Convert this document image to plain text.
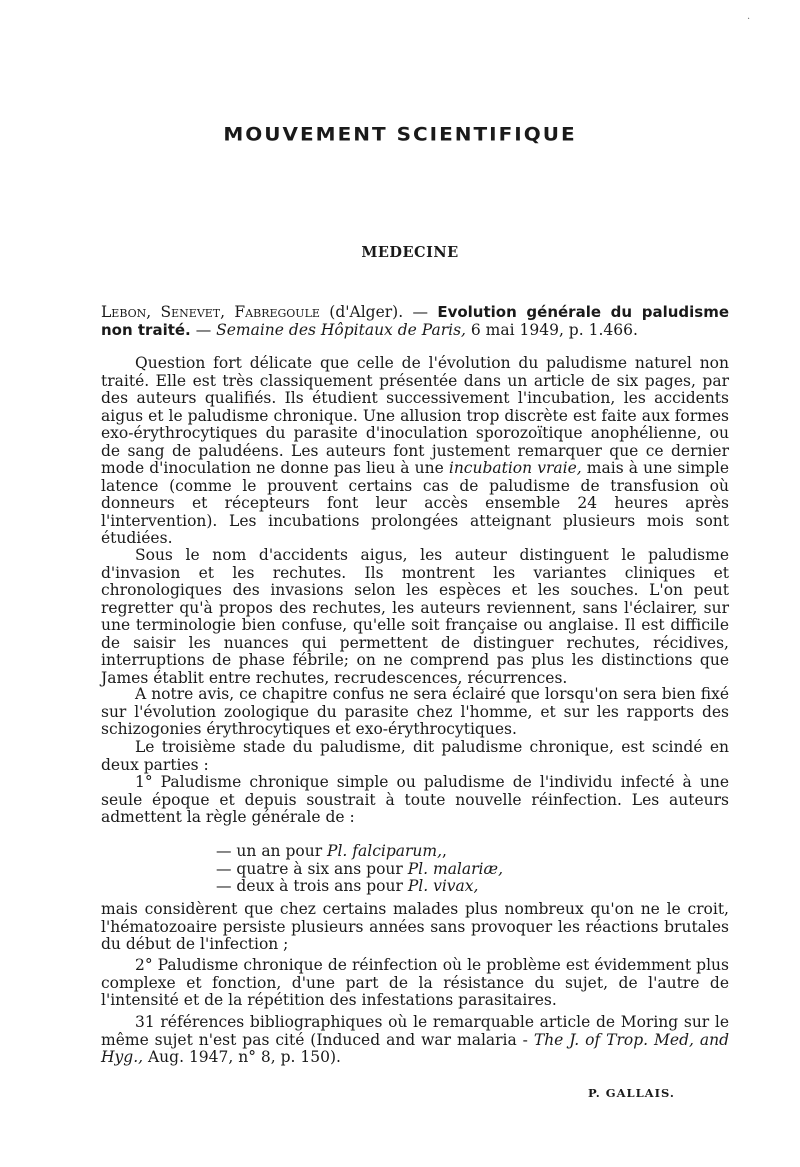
·
MOUVEMENT SCIENTIFIQUE
MEDECINE
Lebon, Senevet, Fabregoule (d'Alger). — Evolution générale du paludisme non traité. — Semaine des Hôpitaux de Paris, 6 mai 1949, p. 1.466.
Question fort délicate que celle de l'évolution du paludisme naturel non traité. Elle est très classiquement présentée dans un article de six pages, par des auteurs qualifiés. Ils étudient successivement l'incubation, les accidents aigus et le paludisme chronique. Une allusion trop discrète est faite aux formes exo-érythrocytiques du parasite d'inoculation sporozoïtique anophélienne, ou de sang de paludéens. Les auteurs font justement remarquer que ce dernier mode d'inoculation ne donne pas lieu à une incubation vraie, mais à une simple latence (comme le prouvent certains cas de paludisme de transfusion où donneurs et récepteurs font leur accès ensemble 24 heures après l'intervention). Les incubations prolongées atteignant plusieurs mois sont étudiées.
Sous le nom d'accidents aigus, les auteur distinguent le paludisme d'invasion et les rechutes. Ils montrent les variantes cliniques et chronologiques des invasions selon les espèces et les souches. L'on peut regretter qu'à propos des rechutes, les auteurs reviennent, sans l'éclairer, sur une terminologie bien confuse, qu'elle soit française ou anglaise. Il est difficile de saisir les nuances qui permettent de distinguer rechutes, récidives, interruptions de phase fébrile; on ne comprend pas plus les distinctions que James établit entre rechutes, recrudescences, récurrences.
A notre avis, ce chapitre confus ne sera éclairé que lorsqu'on sera bien fixé sur l'évolution zoologique du parasite chez l'homme, et sur les rapports des schizogonies érythrocytiques et exo-érythrocytiques.
Le troisième stade du paludisme, dit paludisme chronique, est scindé en deux parties :
1° Paludisme chronique simple ou paludisme de l'individu infecté à une seule époque et depuis soustrait à toute nouvelle réinfection. Les auteurs admettent la règle générale de :
— un an pour Pl. falciparum,,
— quatre à six ans pour Pl. malariæ,
— deux à trois ans pour Pl. vivax,
mais considèrent que chez certains malades plus nombreux qu'on ne le croit, l'hématozoaire persiste plusieurs années sans provoquer les réactions brutales du début de l'infection ;
2° Paludisme chronique de réinfection où le problème est évidemment plus complexe et fonction, d'une part de la résistance du sujet, de l'autre de l'intensité et de la répétition des infestations parasitaires.
31 références bibliographiques où le remarquable article de Moring sur le même sujet n'est pas cité (Induced and war malaria - The J. of Trop. Med, and Hyg., Aug. 1947, n° 8, p. 150).
P. GALLAIS.
